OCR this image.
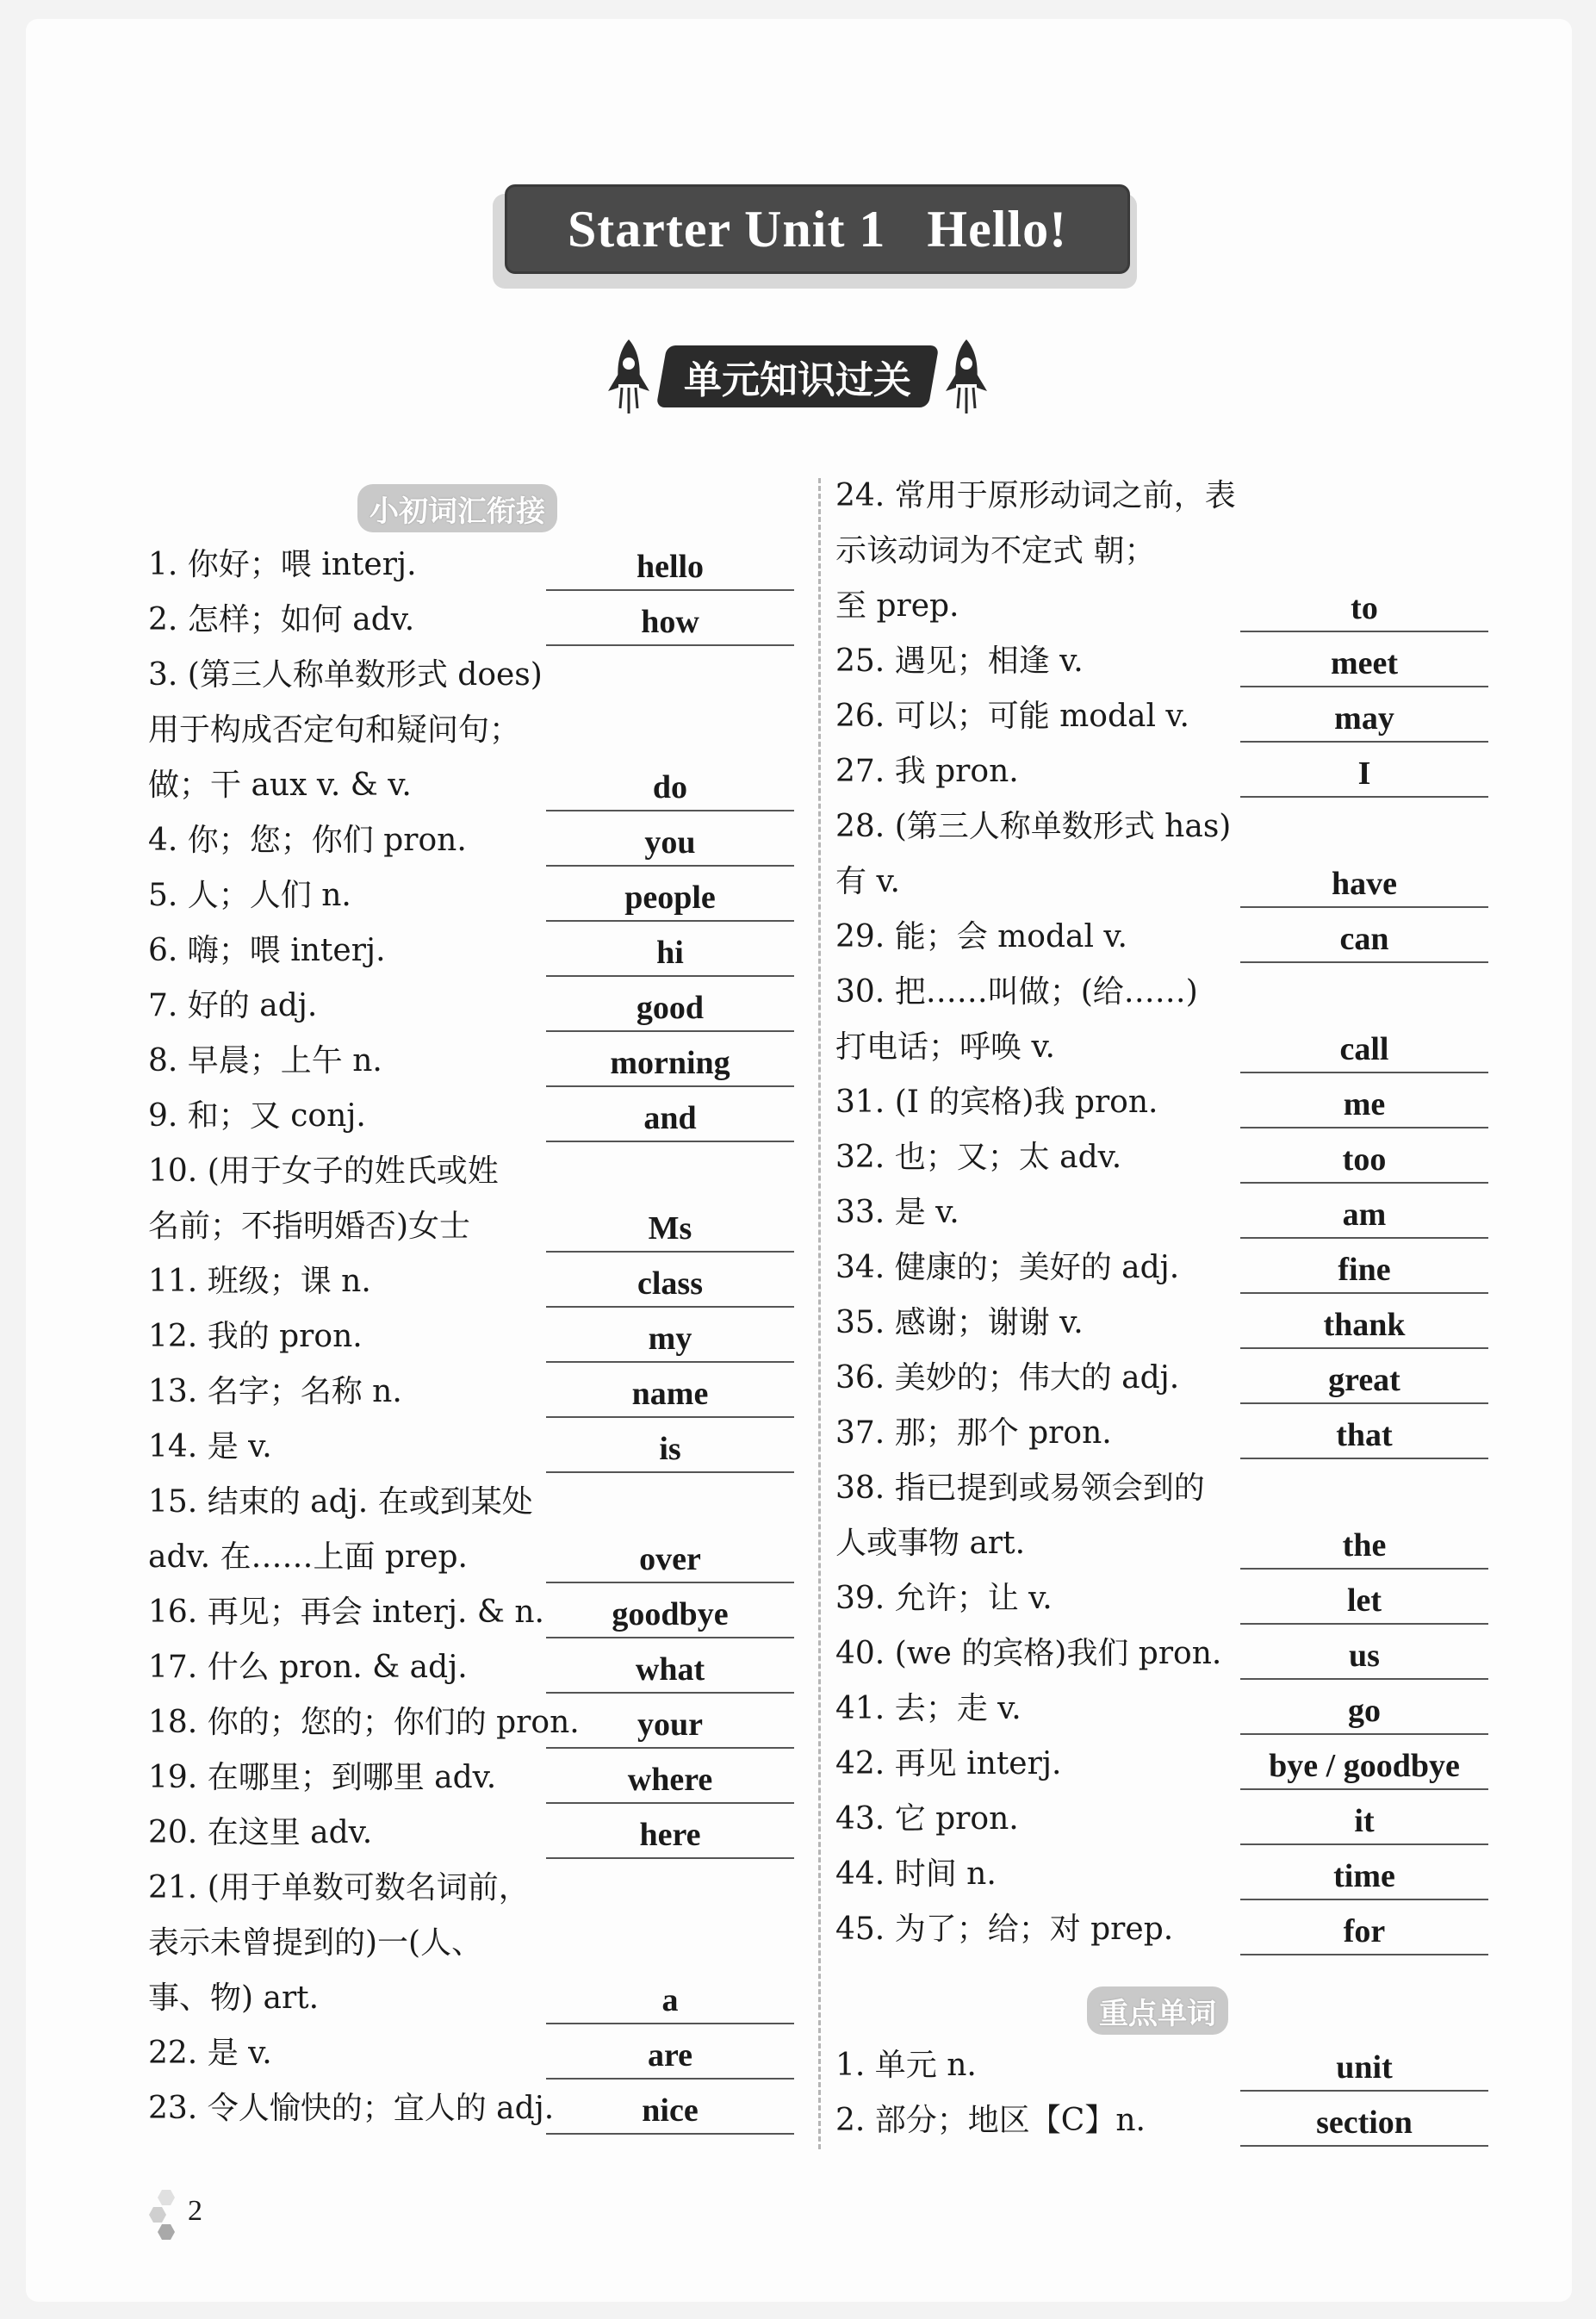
Starter Unit 1   Hello!
单元知识过关
小初词汇衔接
1. 你好；喂 interj.	hello
2. 怎样；如何 adv.	how
3. (第三人称单数形式 does)
用于构成否定句和疑问句；
做；干 aux v. & v.	do
4. 你；您；你们 pron.	you
5. 人；人们 n.	people
6. 嗨；喂 interj.	hi
7. 好的 adj.	good
8. 早晨；上午 n.	morning
9. 和；又 conj.	and
10. (用于女子的姓氏或姓
名前；不指明婚否)女士	Ms
11. 班级；课 n.	class
12. 我的 pron.	my
13. 名字；名称 n.	name
14. 是 v.	is
15. 结束的 adj. 在或到某处
adv. 在……上面 prep.	over
16. 再见；再会 interj. & n.	goodbye
17. 什么 pron. & adj.	what
18. 你的；您的；你们的 pron.	your
19. 在哪里；到哪里 adv.	where
20. 在这里 adv.	here
21. (用于单数可数名词前，
表示未曾提到的)一(人、
事、物) art.	a
22. 是 v.	are
23. 令人愉快的；宜人的 adj.	nice
24. 常用于原形动词之前，表
示该动词为不定式 朝；
至 prep.	to
25. 遇见；相逢 v.	meet
26. 可以；可能 modal v.	may
27. 我 pron.	I
28. (第三人称单数形式 has)
有 v.	have
29. 能；会 modal v.	can
30. 把……叫做；(给……)
打电话；呼唤 v.	call
31. (I 的宾格)我 pron.	me
32. 也；又；太 adv.	too
33. 是 v.	am
34. 健康的；美好的 adj.	fine
35. 感谢；谢谢 v.	thank
36. 美妙的；伟大的 adj.	great
37. 那；那个 pron.	that
38. 指已提到或易领会到的
人或事物 art.	the
39. 允许；让 v.	let
40. (we 的宾格)我们 pron.	us
41. 去；走 v.	go
42. 再见 interj.	bye / goodbye
43. 它 pron.	it
44. 时间 n.	time
45. 为了；给；对 prep.	for
重点单词
1. 单元 n.	unit
2. 部分；地区【C】n.	section
2
